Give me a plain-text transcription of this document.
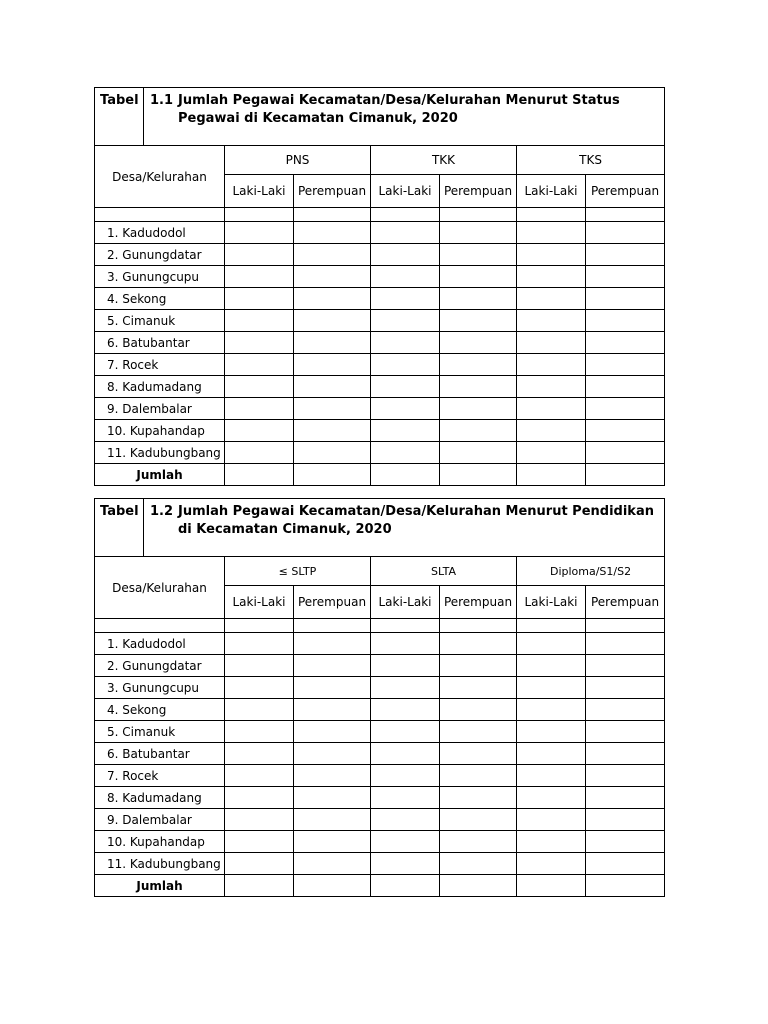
Tabel	1.1 Jumlah Pegawai Kecamatan/Desa/Kelurahan Menurut Status Pegawai di Kecamatan Cimanuk, 2020						

Desa/Kelurahan		PNS		TKK		TKS	
		Laki-Laki	Perempuan	Laki-Laki	Perempuan	Laki-Laki	Perempuan

1. Kadudodol							
2. Gunungdatar							
3. Gunungcupu							
4. Sekong							
5. Cimanuk							
6. Batubantar							
7. Rocek							
8. Kadumadang							
9. Dalembalar							
10. Kupahandap							
11. Kadubungbang							
Jumlah							
Tabel	1.2 Jumlah Pegawai Kecamatan/Desa/Kelurahan Menurut Pendidikan di Kecamatan Cimanuk, 2020						

Desa/Kelurahan		≤ SLTP		SLTA		Diploma/S1/S2	
		Laki-Laki	Perempuan	Laki-Laki	Perempuan	Laki-Laki	Perempuan

1. Kadudodol							
2. Gunungdatar							
3. Gunungcupu							
4. Sekong							
5. Cimanuk							
6. Batubantar							
7. Rocek							
8. Kadumadang							
9. Dalembalar							
10. Kupahandap							
11. Kadubungbang							
Jumlah							
